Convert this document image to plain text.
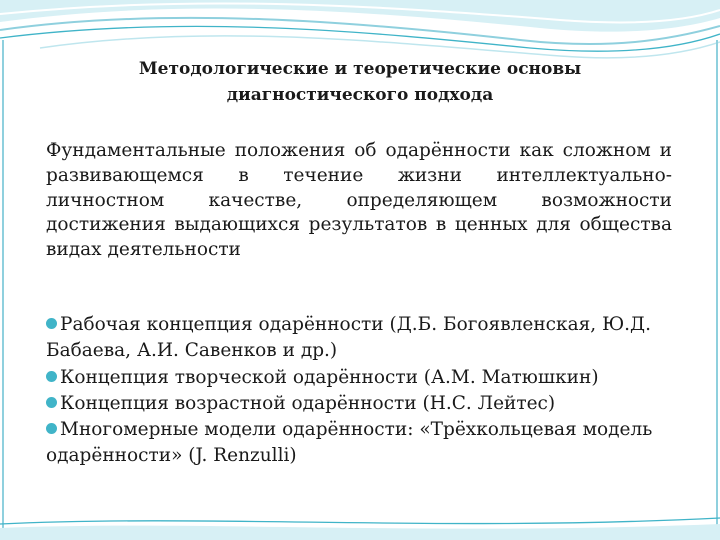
Методологические и теоретические основы
диагностического подхода
Фундаментальные положения об одарённости как сложном и развивающемся в течение жизни интеллектуально-личностном качестве, определяющем возможности достижения выдающихся результатов в ценных для общества видах деятельности
Рабочая концепция одарённости (Д.Б. Богоявленская, Ю.Д. Бабаева, А.И. Савенков и др.)
Концепция творческой одарённости (А.М. Матюшкин)
Концепция возрастной одарённости (Н.С. Лейтес)
Многомерные модели одарённости: «Трёхкольцевая модель одарённости» (J. Renzulli)
